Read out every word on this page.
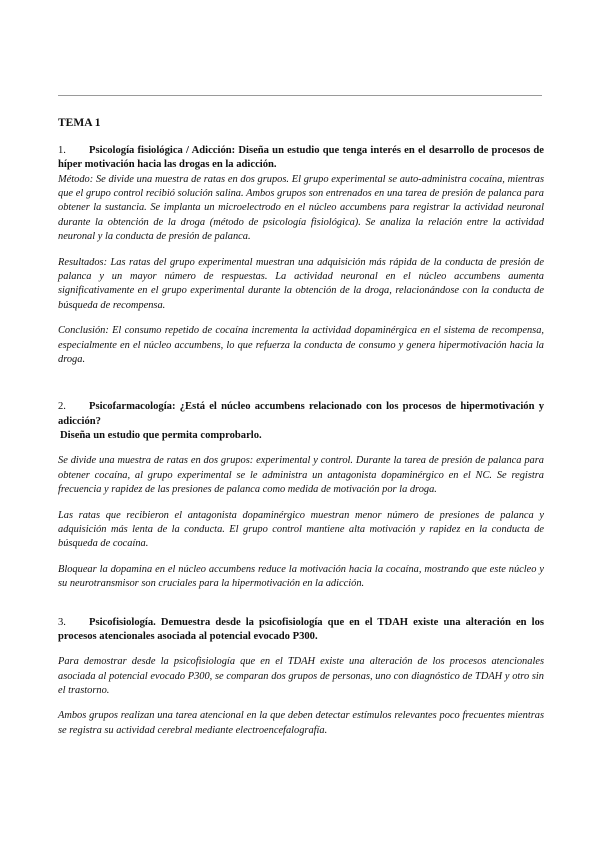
TEMA 1

1. Psicología fisiológica / Adicción: Diseña un estudio que tenga interés en el desarrollo de procesos de híper motivación hacia las drogas en la adicción.

Método: Se divide una muestra de ratas en dos grupos. El grupo experimental se auto-administra cocaína, mientras que el grupo control recibió solución salina. Ambos grupos son entrenados en una tarea de presión de palanca para obtener la sustancia. Se implanta un microelectrodo en el núcleo accumbens para registrar la actividad neuronal durante la obtención de la droga (método de psicología fisiológica). Se analiza la relación entre la actividad neuronal y la conducta de presión de palanca.

Resultados: Las ratas del grupo experimental muestran una adquisición más rápida de la conducta de presión de palanca y un mayor número de respuestas. La actividad neuronal en el núcleo accumbens aumenta significativamente en el grupo experimental durante la obtención de la droga, relacionándose con la conducta de búsqueda de recompensa.

Conclusión: El consumo repetido de cocaína incrementa la actividad dopaminérgica en el sistema de recompensa, especialmente en el núcleo accumbens, lo que refuerza la conducta de consumo y genera hipermotivación hacia la droga.

2. Psicofarmacología: ¿Está el núcleo accumbens relacionado con los procesos de hipermotivación y adicción?

Diseña un estudio que permita comprobarlo.

Se divide una muestra de ratas en dos grupos: experimental y control. Durante la tarea de presión de palanca para obtener cocaína, al grupo experimental se le administra un antagonista dopaminérgico en el NC. Se registra frecuencia y rapidez de las presiones de palanca como medida de motivación por la droga.

Las ratas que recibieron el antagonista dopaminérgico muestran menor número de presiones de palanca y adquisición más lenta de la conducta. El grupo control mantiene alta motivación y rapidez en la conducta de búsqueda de cocaína.

Bloquear la dopamina en el núcleo accumbens reduce la motivación hacia la cocaína, mostrando que este núcleo y su neurotransmisor son cruciales para la hipermotivación en la adicción.

3. Psicofisiología. Demuestra desde la psicofisiología que en el TDAH existe una alteración en los procesos atencionales asociada al potencial evocado P300.

Para demostrar desde la psicofisiología que en el TDAH existe una alteración de los procesos atencionales asociada al potencial evocado P300, se comparan dos grupos de personas, uno con diagnóstico de TDAH y otro sin el trastorno.

Ambos grupos realizan una tarea atencional en la que deben detectar estímulos relevantes poco frecuentes mientras se registra su actividad cerebral mediante electroencefalografía.
